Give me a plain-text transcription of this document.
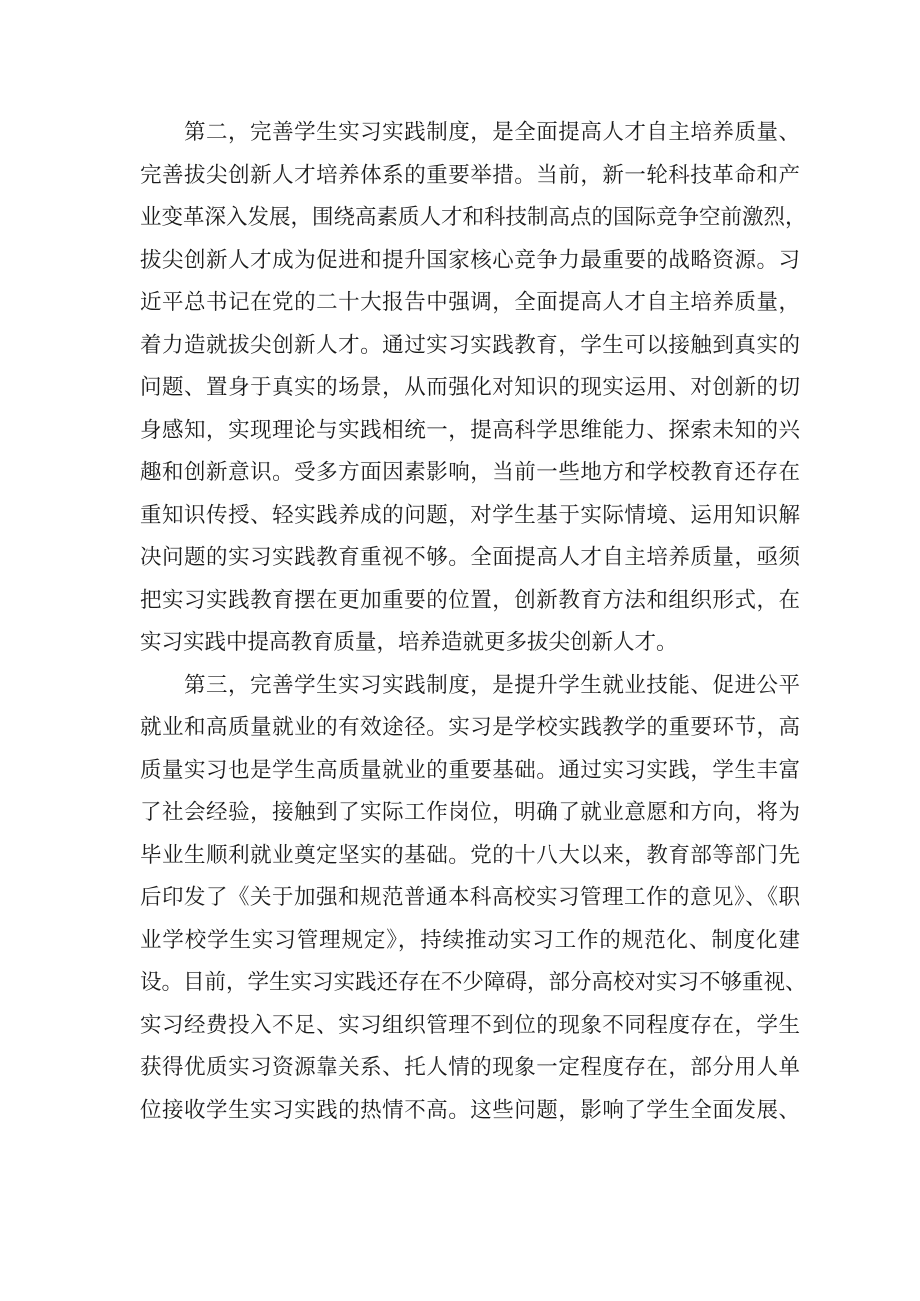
第二，完善学生实习实践制度，是全面提高人才自主培养质量、
完善拔尖创新人才培养体系的重要举措。当前，新一轮科技革命和产
业变革深入发展，围绕高素质人才和科技制高点的国际竞争空前激烈，
拔尖创新人才成为促进和提升国家核心竞争力最重要的战略资源。习
近平总书记在党的二十大报告中强调，全面提高人才自主培养质量，
着力造就拔尖创新人才。通过实习实践教育，学生可以接触到真实的
问题、置身于真实的场景，从而强化对知识的现实运用、对创新的切
身感知，实现理论与实践相统一，提高科学思维能力、探索未知的兴
趣和创新意识。受多方面因素影响，当前一些地方和学校教育还存在
重知识传授、轻实践养成的问题，对学生基于实际情境、运用知识解
决问题的实习实践教育重视不够。全面提高人才自主培养质量，亟须
把实习实践教育摆在更加重要的位置，创新教育方法和组织形式，在
实习实践中提高教育质量，培养造就更多拔尖创新人才。
第三，完善学生实习实践制度，是提升学生就业技能、促进公平
就业和高质量就业的有效途径。实习是学校实践教学的重要环节，高
质量实习也是学生高质量就业的重要基础。通过实习实践，学生丰富
了社会经验，接触到了实际工作岗位，明确了就业意愿和方向，将为
毕业生顺利就业奠定坚实的基础。党的十八大以来，教育部等部门先
后印发了《关于加强和规范普通本科高校实习管理工作的意见》、《职
业学校学生实习管理规定》，持续推动实习工作的规范化、制度化建
设。目前，学生实习实践还存在不少障碍，部分高校对实习不够重视、
实习经费投入不足、实习组织管理不到位的现象不同程度存在，学生
获得优质实习资源靠关系、托人情的现象一定程度存在，部分用人单
位接收学生实习实践的热情不高。这些问题，影响了学生全面发展、
